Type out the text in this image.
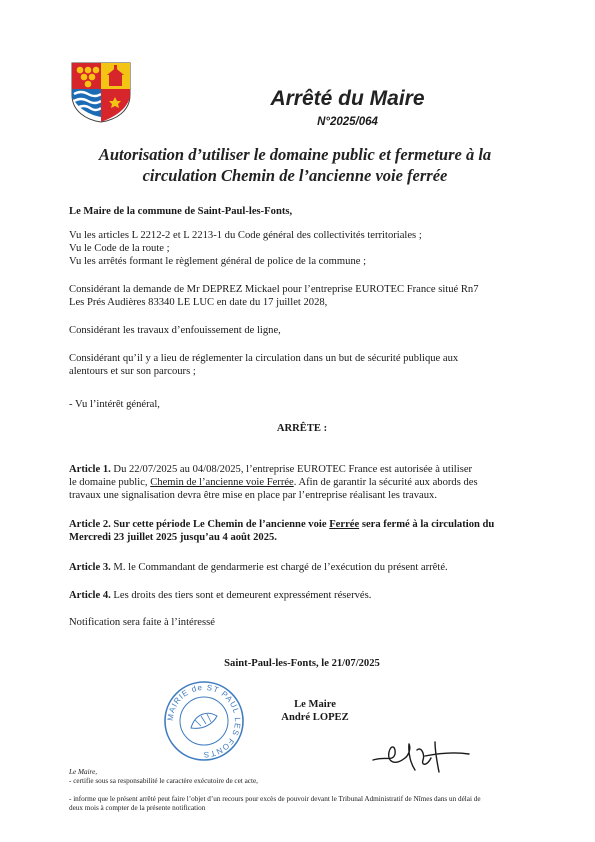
Arrêté du Maire
N°2025/064
Autorisation d’utiliser le domaine public et fermeture à la
circulation Chemin de l’ancienne voie ferrée
Le Maire de la commune de Saint-Paul-les-Fonts,
Vu les articles L 2212-2 et L 2213-1 du Code général des collectivités territoriales ;
Vu le Code de la route ;
Vu les arrêtés formant le règlement général de police de la commune ;
Considérant la demande de Mr DEPREZ Mickael pour l’entreprise EUROTEC France situé Rn7
Les Prés Audières 83340 LE LUC en date du 17 juillet 2028,
Considérant les travaux d’enfouissement de ligne,
Considérant qu’il y a lieu de réglementer la circulation dans un but de sécurité publique aux
alentours et sur son parcours ;
- Vu l’intérêt général,
ARRÊTE :
Article 1. Du 22/07/2025 au 04/08/2025, l’entreprise EUROTEC France est autorisée à utiliser
le domaine public, Chemin de l’ancienne voie Ferrée. Afin de garantir la sécurité aux abords des
travaux une signalisation devra être mise en place par l’entreprise réalisant les travaux.
Article 2. Sur cette période Le Chemin de l’ancienne voie Ferrée sera fermé à la circulation du
Mercredi 23 juillet 2025 jusqu’au 4 août 2025.
Article 3. M. le Commandant de gendarmerie est chargé de l’exécution du présent arrêté.
Article 4. Les droits des tiers sont et demeurent expressément réservés.
Notification sera faite à l’intéressé
Saint-Paul-les-Fonts, le 21/07/2025
Le Maire
André LOPEZ
MAIRIE de ST PAUL LES FONTS
Le Maire,
- certifie sous sa responsabilité le caractère exécutoire de cet acte,
- informe que le présent arrêté peut faire l’objet d’un recours pour excès de pouvoir devant le Tribunal Administratif de Nîmes dans un délai de
deux mois à compter de la présente notification
